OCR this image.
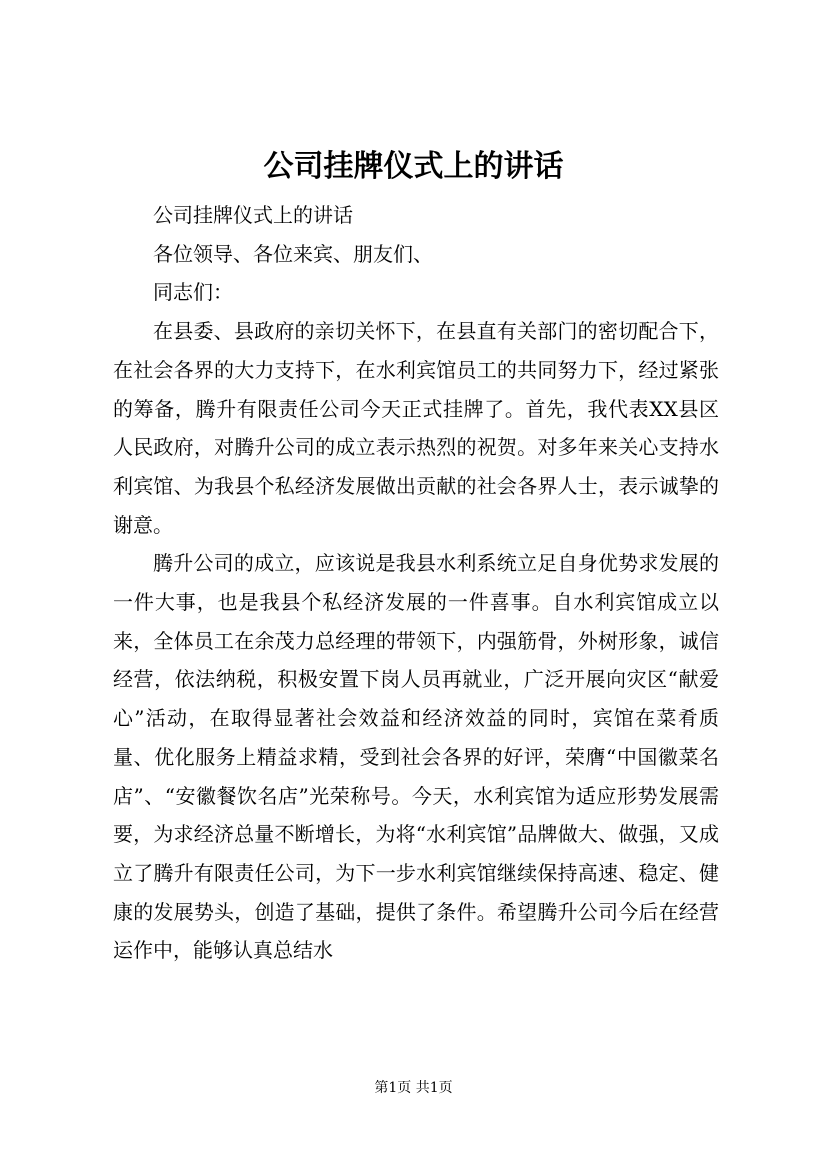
公司挂牌仪式上的讲话

公司挂牌仪式上的讲话

各位领导、各位来宾、朋友们、

同志们：

在县委、县政府的亲切关怀下，在县直有关部门的密切配合下，在社会各界的大力支持下，在水利宾馆员工的共同努力下，经过紧张的筹备，腾升有限责任公司今天正式挂牌了。首先，我代表XX县区人民政府，对腾升公司的成立表示热烈的祝贺。对多年来关心支持水利宾馆、为我县个私经济发展做出贡献的社会各界人士，表示诚挚的谢意。

腾升公司的成立，应该说是我县水利系统立足自身优势求发展的一件大事，也是我县个私经济发展的一件喜事。自水利宾馆成立以来，全体员工在余茂力总经理的带领下，内强筋骨，外树形象，诚信经营，依法纳税，积极安置下岗人员再就业，广泛开展向灾区“献爱心”活动，在取得显著社会效益和经济效益的同时，宾馆在菜肴质量、优化服务上精益求精，受到社会各界的好评，荣膺“中国徽菜名店”、“安徽餐饮名店”光荣称号。今天，水利宾馆为适应形势发展需要，为求经济总量不断增长，为将“水利宾馆”品牌做大、做强，又成立了腾升有限责任公司，为下一步水利宾馆继续保持高速、稳定、健康的发展势头，创造了基础，提供了条件。希望腾升公司今后在经营运作中，能够认真总结水

第1页 共1页
